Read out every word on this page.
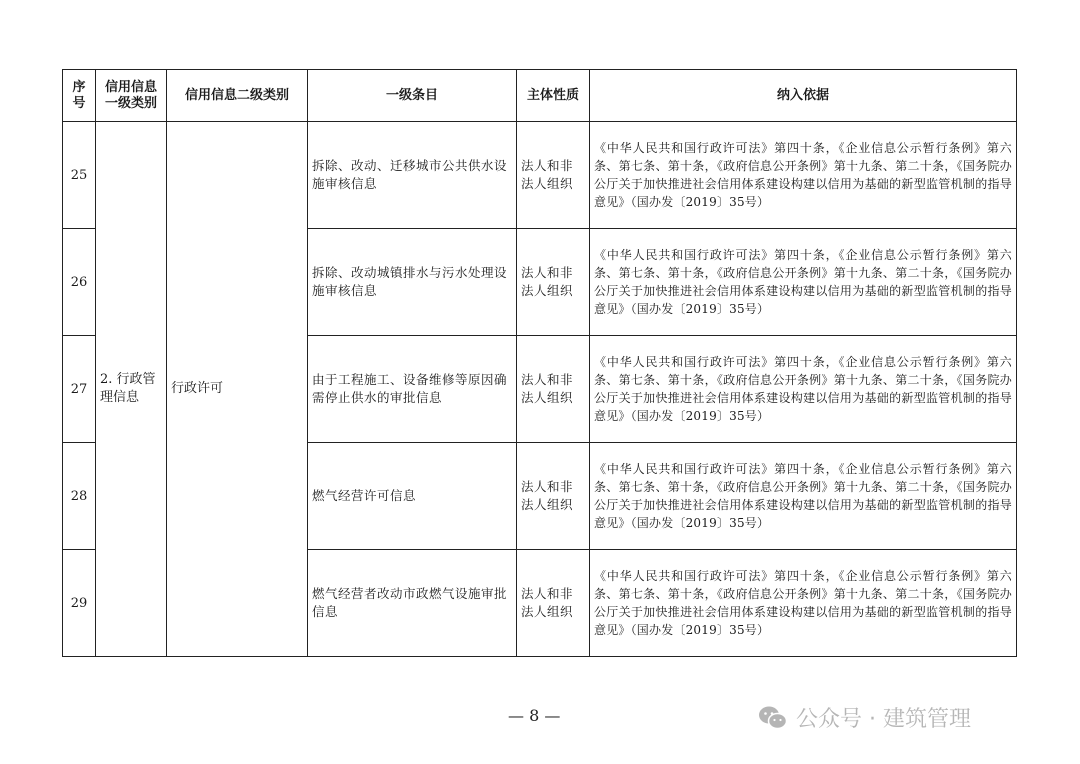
序号	信用信息一级类别	信用信息二级类别	一级条目	主体性质	纳入依据
25	2. 行政管理信息	行政许可	拆除、改动、迁移城市公共供水设施审核信息	法人和非法人组织	《中华人民共和国行政许可法》第四十条，《企业信息公示暂行条例》第六条、第七条、第十条，《政府信息公开条例》第十九条、第二十条，《国务院办公厅关于加快推进社会信用体系建设构建以信用为基础的新型监管机制的指导意见》（国办发〔2019〕35号）
26			拆除、改动城镇排水与污水处理设施审核信息	法人和非法人组织	《中华人民共和国行政许可法》第四十条，《企业信息公示暂行条例》第六条、第七条、第十条，《政府信息公开条例》第十九条、第二十条，《国务院办公厅关于加快推进社会信用体系建设构建以信用为基础的新型监管机制的指导意见》（国办发〔2019〕35号）
27			由于工程施工、设备维修等原因确需停止供水的审批信息	法人和非法人组织	《中华人民共和国行政许可法》第四十条，《企业信息公示暂行条例》第六条、第七条、第十条，《政府信息公开条例》第十九条、第二十条，《国务院办公厅关于加快推进社会信用体系建设构建以信用为基础的新型监管机制的指导意见》（国办发〔2019〕35号）
28			燃气经营许可信息	法人和非法人组织	《中华人民共和国行政许可法》第四十条，《企业信息公示暂行条例》第六条、第七条、第十条，《政府信息公开条例》第十九条、第二十条，《国务院办公厅关于加快推进社会信用体系建设构建以信用为基础的新型监管机制的指导意见》（国办发〔2019〕35号）
29			燃气经营者改动市政燃气设施审批信息	法人和非法人组织	《中华人民共和国行政许可法》第四十条，《企业信息公示暂行条例》第六条、第七条、第十条，《政府信息公开条例》第十九条、第二十条，《国务院办公厅关于加快推进社会信用体系建设构建以信用为基础的新型监管机制的指导意见》（国办发〔2019〕35号）
— 8 —	公众号 · 建筑管理
